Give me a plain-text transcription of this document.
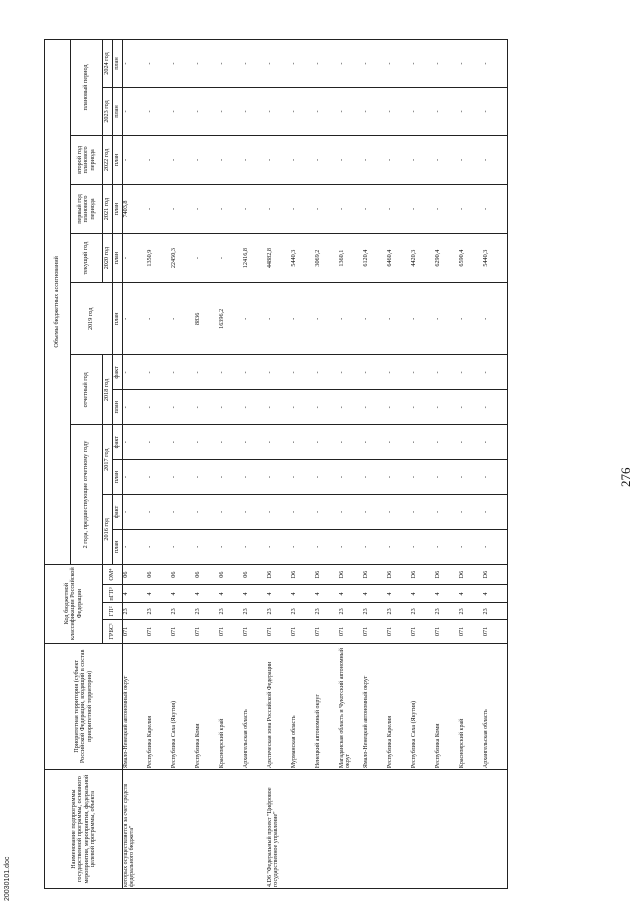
20030101.doc
276
Наименование подпрограммы государственной программы, основного мероприятия, мероприятия, федеральной целевой программы, объекта	Приоритетная территория (субъект Российской Федерации, входящий в состав приоритетной территории)	Код бюджетной классификации Российской Федерации				Объемы бюджетных ассигнований											
						2 года, предшествующие отчетному году				отчетный год		2019 год	текущий год	первый год планового периода	второй год планового периода	плановый период	
		ГРБС¹	ГП²	пГП³	ОМ⁴	2016 год		2017 год		2018 год			2020 год	2021 год	2022 год	2023 год	2024 год
						план	факт	план	факт	план	факт	план	план	план	план	план	план
которых осуществляется за счет средств федерального бюджета"	Ямало-Ненецкий автономный округ	071	23	4	06	-	-	-	-	-	-	-	-	7403,8	-	-	-
	Республика Карелия	071	23	4	06	-	-	-	-	-	-	-	1350,9	-	-	-	-
	Республика Саха (Якутия)	071	23	4	06	-	-	-	-	-	-	-	22450,3	-	-	-	-
	Республика Коми	071	23	4	06	-	-	-	-	-	-	8836	-	-	-	-	-
	Красноярский край	071	23	4	06	-	-	-	-	-	-	16396,2	-	-	-	-	-
	Архангельская область	071	23	4	06	-	-	-	-	-	-	-	12416,8	-	-	-	-
4.D6 "Федеральный проект "Цифровое государственное управление"	Арктическая зона Российской Федерации	071	23	4	D6	-	-	-	-	-	-	-	44882,8	-	-	-	-
	Мурманская область	071	23	4	D6	-	-	-	-	-	-	-	5440,3	-	-	-	-
	Ненецкий автономный округ	071	23	4	D6	-	-	-	-	-	-	-	3069,2	-	-	-	-
	Магаданская область и Чукотский автономный округ	071	23	4	D6	-	-	-	-	-	-	-	1360,1	-	-	-	-
	Ямало-Ненецкий автономный округ	071	23	4	D6	-	-	-	-	-	-	-	6120,4	-	-	-	-
	Республика Карелия	071	23	4	D6	-	-	-	-	-	-	-	6460,4	-	-	-	-
	Республика Саха (Якутия)	071	23	4	D6	-	-	-	-	-	-	-	4420,3	-	-	-	-
	Республика Коми	071	23	4	D6	-	-	-	-	-	-	-	6290,4	-	-	-	-
	Красноярский край	071	23	4	D6	-	-	-	-	-	-	-	6590,4	-	-	-	-
	Архангельская область	071	23	4	D6	-	-	-	-	-	-	-	5440,3	-	-	-	-
